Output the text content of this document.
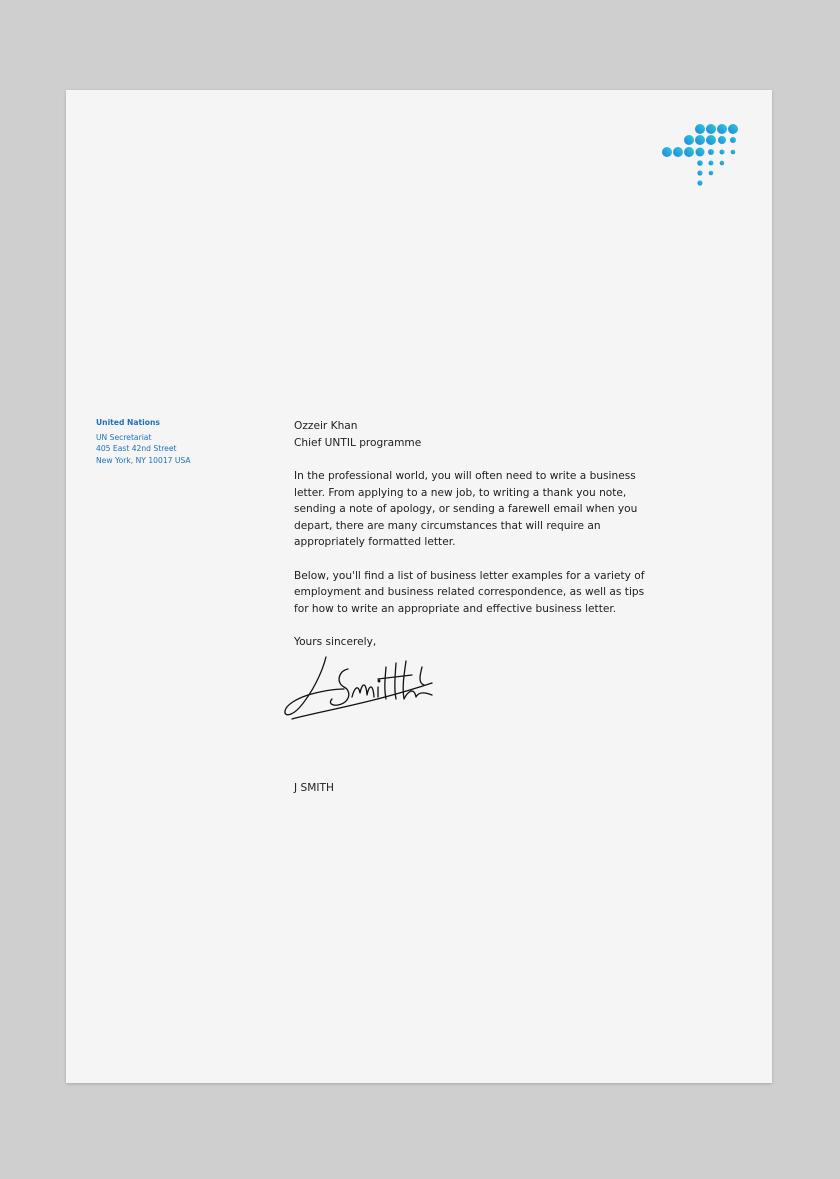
United Nations
UN Secretariat
405 East 42nd Street
New York, NY 10017 USA
Ozzeir Khan
Chief UNTIL programme

In the professional world, you will often need to write a business letter. From applying to a new job, to writing a thank you note, sending a note of apology, or sending a farewell email when you depart, there are many circumstances that will require an appropriately formatted letter.

Below, you'll find a list of business letter examples for a variety of employment and business related correspondence, as well as tips for how to write an appropriate and effective business letter.

Yours sincerely,

J SMITH
